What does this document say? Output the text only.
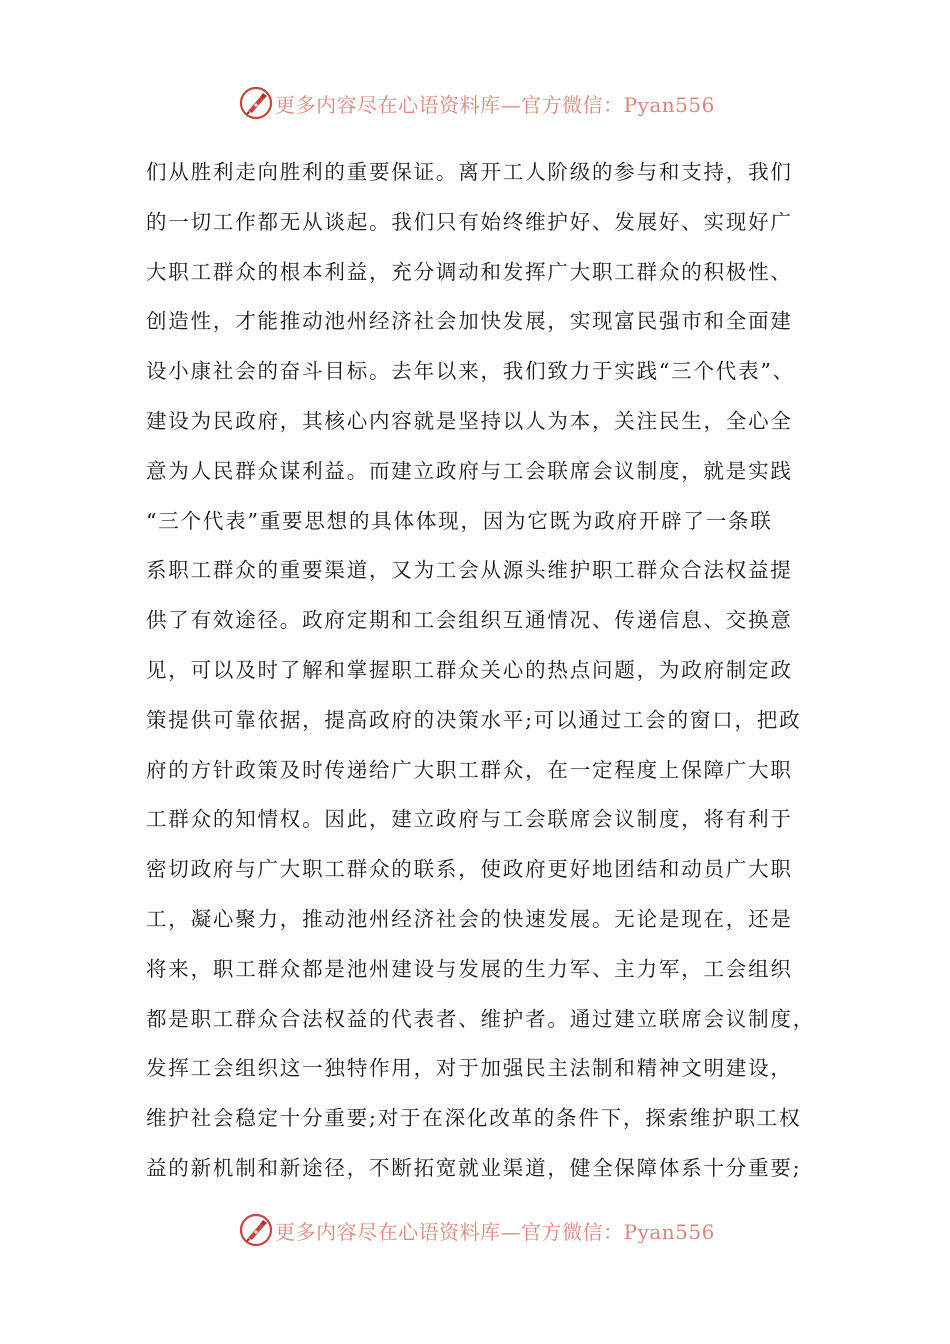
更多内容尽在心语资料库—官方微信：Pyan556
们从胜利走向胜利的重要保证。离开工人阶级的参与和支持，我们
的一切工作都无从谈起。我们只有始终维护好、发展好、实现好广
大职工群众的根本利益，充分调动和发挥广大职工群众的积极性、
创造性，才能推动池州经济社会加快发展，实现富民强市和全面建
设小康社会的奋斗目标。去年以来，我们致力于实践“三个代表”、
建设为民政府，其核心内容就是坚持以人为本，关注民生，全心全
意为人民群众谋利益。而建立政府与工会联席会议制度，就是实践
“三个代表”重要思想的具体体现，因为它既为政府开辟了一条联
系职工群众的重要渠道，又为工会从源头维护职工群众合法权益提
供了有效途径。政府定期和工会组织互通情况、传递信息、交换意
见，可以及时了解和掌握职工群众关心的热点问题，为政府制定政
策提供可靠依据，提高政府的决策水平;可以通过工会的窗口，把政
府的方针政策及时传递给广大职工群众，在一定程度上保障广大职
工群众的知情权。因此，建立政府与工会联席会议制度，将有利于
密切政府与广大职工群众的联系，使政府更好地团结和动员广大职
工，凝心聚力，推动池州经济社会的快速发展。无论是现在，还是
将来，职工群众都是池州建设与发展的生力军、主力军，工会组织
都是职工群众合法权益的代表者、维护者。通过建立联席会议制度，
发挥工会组织这一独特作用，对于加强民主法制和精神文明建设，
维护社会稳定十分重要;对于在深化改革的条件下，探索维护职工权
益的新机制和新途径，不断拓宽就业渠道，健全保障体系十分重要;
更多内容尽在心语资料库—官方微信：Pyan556
